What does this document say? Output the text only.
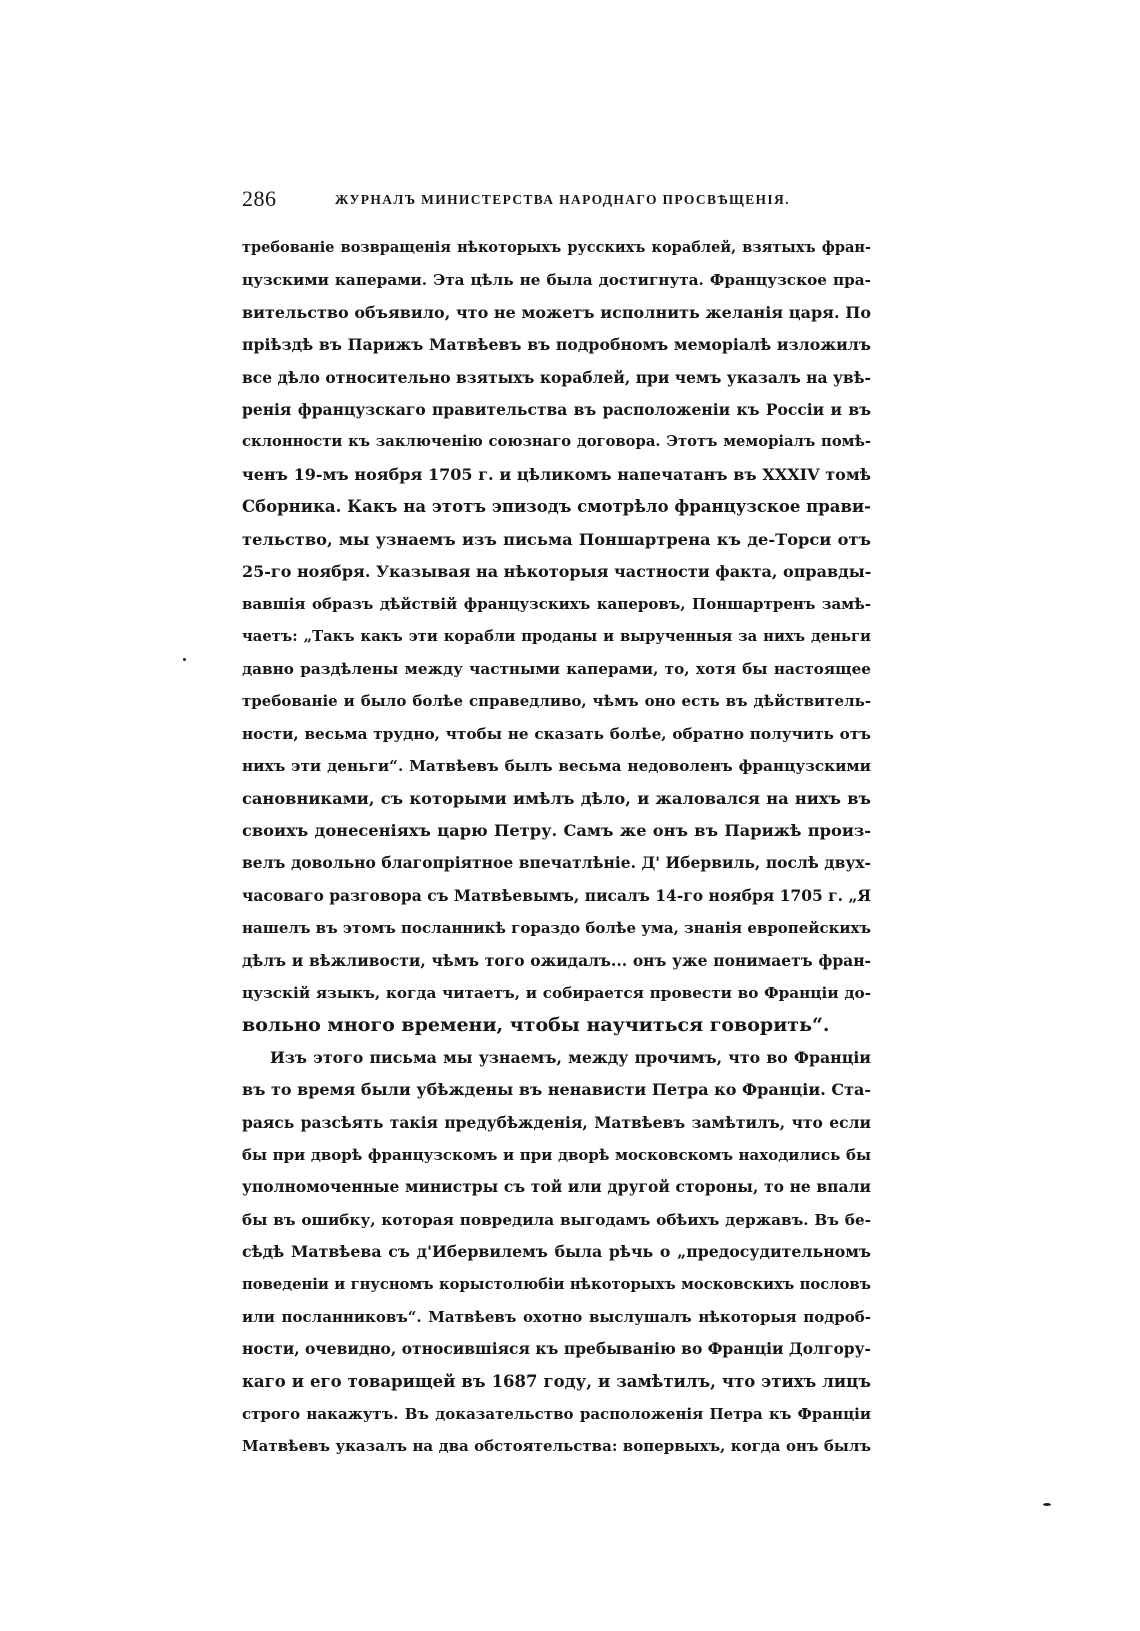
286	ЖУРНАЛЪ МИНИСТЕРСТВА НАРОДНАГО ПРОСВѢЩЕНІЯ.
требованіе возвращенія нѣкоторыхъ русскихъ кораблей, взятыхъ фран-
цузскими каперами. Эта цѣль не была достигнута. Французское пра-
вительство объявило, что не можетъ исполнить желанія царя. По
пріѣздѣ въ Парижъ Матвѣевъ въ подробномъ меморіалѣ изложилъ
все дѣло относительно взятыхъ кораблей, при чемъ указалъ на увѣ-
ренія французскаго правительства въ расположеніи къ Россіи и въ
склонности къ заключенію союзнаго договора. Этотъ меморіалъ помѣ-
ченъ 19-мъ ноября 1705 г. и цѣликомъ напечатанъ въ XXXIV томѣ
Сборника. Какъ на этотъ эпизодъ смотрѣло французское прави-
тельство, мы узнаемъ изъ письма Поншартрена къ де-Торси отъ
25-го ноября. Указывая на нѣкоторыя частности факта, оправды-
вавшія образъ дѣйствій французскихъ каперовъ, Поншартренъ замѣ-
чаетъ: „Такъ какъ эти корабли проданы и вырученныя за нихъ деньги
давно раздѣлены между частными каперами, то, хотя бы настоящее
требованіе и было болѣе справедливо, чѣмъ оно есть въ дѣйствитель-
ности, весьма трудно, чтобы не сказать болѣе, обратно получить отъ
нихъ эти деньги“. Матвѣевъ былъ весьма недоволенъ французскими
сановниками, съ которыми имѣлъ дѣло, и жаловался на нихъ въ
своихъ донесеніяхъ царю Петру. Самъ же онъ въ Парижѣ произ-
велъ довольно благопріятное впечатлѣніе. Д' Ибервиль, послѣ двух-
часоваго разговора съ Матвѣевымъ, писалъ 14-го ноября 1705 г. „Я
нашелъ въ этомъ посланникѣ гораздо болѣе ума, знанія европейскихъ
дѣлъ и вѣжливости, чѣмъ того ожидалъ... онъ уже понимаетъ фран-
цузскій языкъ, когда читаетъ, и собирается провести во Франціи до-
вольно много времени, чтобы научиться говорить“.
Изъ этого письма мы узнаемъ, между прочимъ, что во Франціи
въ то время были убѣждены въ ненависти Петра ко Франціи. Ста-
раясь разсѣять такія предубѣжденія, Матвѣевъ замѣтилъ, что если
бы при дворѣ французскомъ и при дворѣ московскомъ находились бы
уполномоченные министры съ той или другой стороны, то не впали
бы въ ошибку, которая повредила выгодамъ обѣихъ державъ. Въ бе-
сѣдѣ Матвѣева съ д'Ибервилемъ была рѣчь о „предосудительномъ
поведеніи и гнусномъ корыстолюбіи нѣкоторыхъ московскихъ пословъ
или посланниковъ“. Матвѣевъ охотно выслушалъ нѣкоторыя подроб-
ности, очевидно, относившіяся къ пребыванію во Франціи Долгору-
каго и его товарищей въ 1687 году, и замѣтилъ, что этихъ лицъ
строго накажутъ. Въ доказательство расположенія Петра къ Франціи
Матвѣевъ указалъ на два обстоятельства: вопервыхъ, когда онъ былъ
